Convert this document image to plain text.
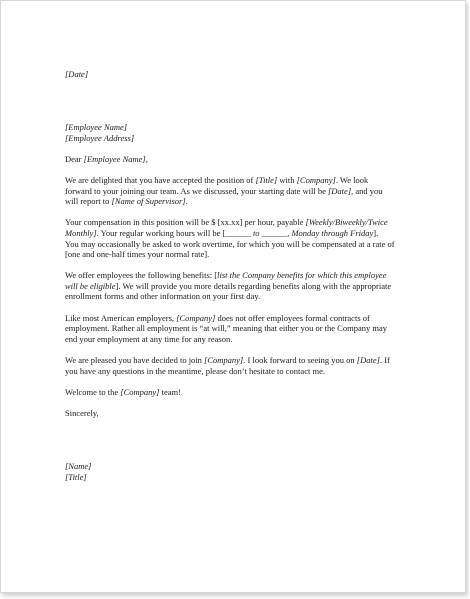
[Date]
[Employee Name]
[Employee Address]
Dear [Employee Name],
We are delighted that you have accepted the position of [Title] with [Company]. We look
forward to your joining our team. As we discussed, your starting date will be [Date], and you
will report to [Name of Supervisor].
Your compensation in this position will be $ [xx.xx] per hour, payable [Weekly/Biweekly/Twice
Monthly]. Your regular working hours will be [______ to ______, Monday through Friday].
You may occasionally be asked to work overtime, for which you will be compensated at a rate of
[one and one-half times your normal rate].
We offer employees the following benefits: [list the Company benefits for which this employee
will be eligible]. We will provide you more details regarding benefits along with the appropriate
enrollment forms and other information on your first day.
Like most American employers, [Company] does not offer employees formal contracts of
employment. Rather all employment is “at will,” meaning that either you or the Company may
end your employment at any time for any reason.
We are pleased you have decided to join [Company]. I look forward to seeing you on [Date]. If
you have any questions in the meantime, please don’t hesitate to contact me.
Welcome to the [Company] team!
Sincerely,
[Name]
[Title]
